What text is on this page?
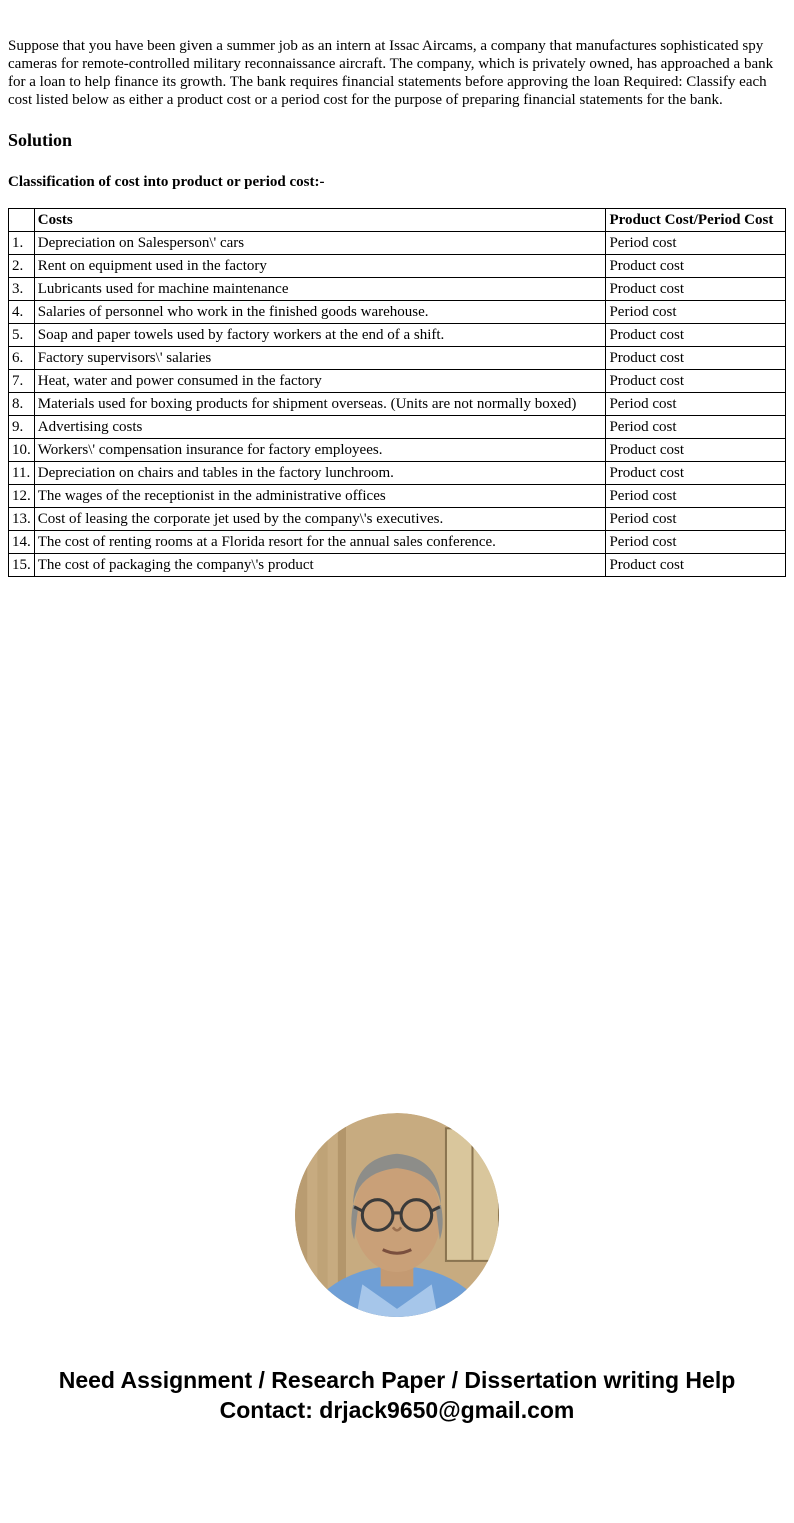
Suppose that you have been given a summer job as an intern at Issac Aircams, a company that manufactures sophisticated spy cameras for remote-controlled military reconnaissance aircraft. The company, which is privately owned, has approached a bank for a loan to help finance its growth. The bank requires financial statements before approving the loan Required: Classify each cost listed below as either a product cost or a period cost for the purpose of preparing financial statements for the bank.

Solution

Classification of cost into product or period cost:-

	Costs	Product Cost/Period Cost
1.	Depreciation on Salesperson\' cars	Period cost
2.	Rent on equipment used in the factory	Product cost
3.	Lubricants used for machine maintenance	Product cost
4.	Salaries of personnel who work in the finished goods warehouse.	Period cost
5.	Soap and paper towels used by factory workers at the end of a shift.	Product cost
6.	Factory supervisors\' salaries	Product cost
7.	Heat, water and power consumed in the factory	Product cost
8.	Materials used for boxing products for shipment overseas. (Units are not normally boxed)	Period cost
9.	Advertising costs	Period cost
10.	Workers\' compensation insurance for factory employees.	Product cost
11.	Depreciation on chairs and tables in the factory lunchroom.	Product cost
12.	The wages of the receptionist in the administrative offices	Period cost
13.	Cost of leasing the corporate jet used by the company\'s executives.	Period cost
14.	The cost of renting rooms at a Florida resort for the annual sales conference.	Period cost
15.	The cost of packaging the company\'s product	Product cost
Need Assignment / Research Paper / Dissertation writing Help
Contact: drjack9650@gmail.com
